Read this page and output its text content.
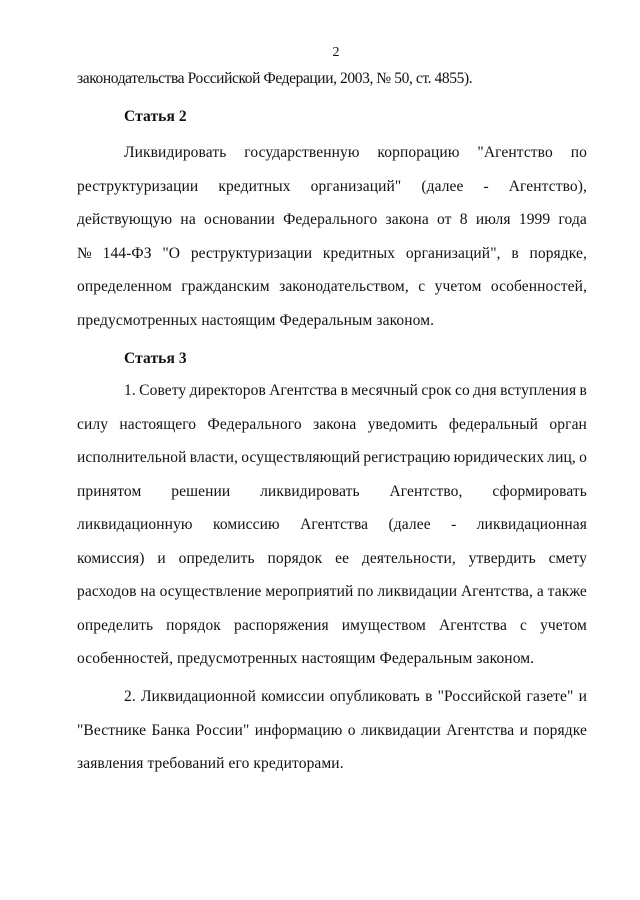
2
законодательства Российской Федерации, 2003, № 50, ст. 4855).
Статья 2
Ликвидировать государственную корпорацию "Агентство по
реструктуризации кредитных организаций" (далее - Агентство),
действующую на основании Федерального закона от 8 июля 1999 года
№ 144-ФЗ "О реструктуризации кредитных организаций", в порядке,
определенном гражданским законодательством, с учетом особенностей,
предусмотренных настоящим Федеральным законом.
Статья 3
1. Совету директоров Агентства в месячный срок со дня вступления в
силу настоящего Федерального закона уведомить федеральный орган
исполнительной власти, осуществляющий регистрацию юридических лиц, о
принятом решении ликвидировать Агентство, сформировать
ликвидационную комиссию Агентства (далее - ликвидационная
комиссия) и определить порядок ее деятельности, утвердить смету
расходов на осуществление мероприятий по ликвидации Агентства, а также
определить порядок распоряжения имуществом Агентства с учетом
особенностей, предусмотренных настоящим Федеральным законом.
2. Ликвидационной комиссии опубликовать в "Российской газете" и
"Вестнике Банка России" информацию о ликвидации Агентства и порядке
заявления требований его кредиторами.
